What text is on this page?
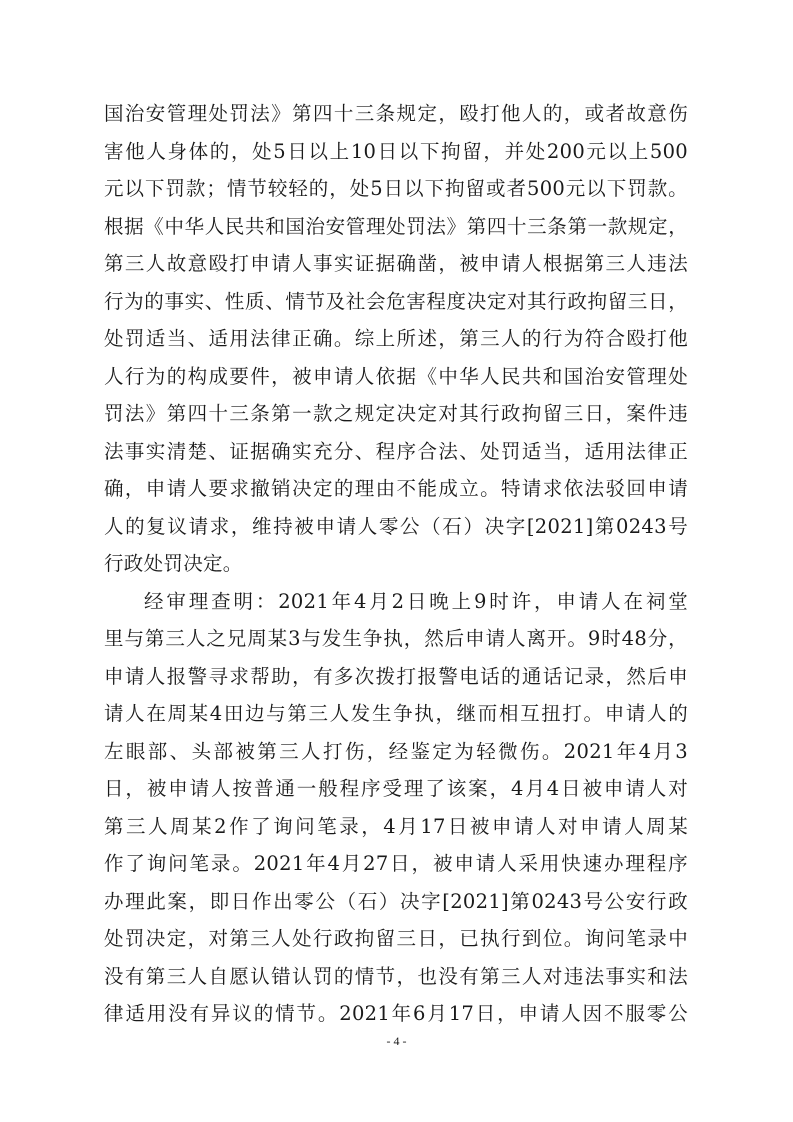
国治安管理处罚法》第四十三条规定，殴打他人的，或者故意伤
害他人身体的，处5日以上10日以下拘留，并处200元以上500
元以下罚款；情节较轻的，处5日以下拘留或者500元以下罚款。
根据《中华人民共和国治安管理处罚法》第四十三条第一款规定，
第三人故意殴打申请人事实证据确凿，被申请人根据第三人违法
行为的事实、性质、情节及社会危害程度决定对其行政拘留三日，
处罚适当、适用法律正确。综上所述，第三人的行为符合殴打他
人行为的构成要件，被申请人依据《中华人民共和国治安管理处
罚法》第四十三条第一款之规定决定对其行政拘留三日，案件违
法事实清楚、证据确实充分、程序合法、处罚适当，适用法律正
确，申请人要求撤销决定的理由不能成立。特请求依法驳回申请
人的复议请求，维持被申请人零公（石）决字[2021]第0243号
行政处罚决定。
经审理查明：2021年4月2日晚上9时许，申请人在祠堂
里与第三人之兄周某3与发生争执，然后申请人离开。9时48分，
申请人报警寻求帮助，有多次拨打报警电话的通话记录，然后申
请人在周某4田边与第三人发生争执，继而相互扭打。申请人的
左眼部、头部被第三人打伤，经鉴定为轻微伤。2021年4月3
日，被申请人按普通一般程序受理了该案，4月4日被申请人对
第三人周某2作了询问笔录，4月17日被申请人对申请人周某
作了询问笔录。2021年4月27日，被申请人采用快速办理程序
办理此案，即日作出零公（石）决字[2021]第0243号公安行政
处罚决定，对第三人处行政拘留三日，已执行到位。询问笔录中
没有第三人自愿认错认罚的情节，也没有第三人对违法事实和法
律适用没有异议的情节。2021年6月17日，申请人因不服零公
- 4 -
